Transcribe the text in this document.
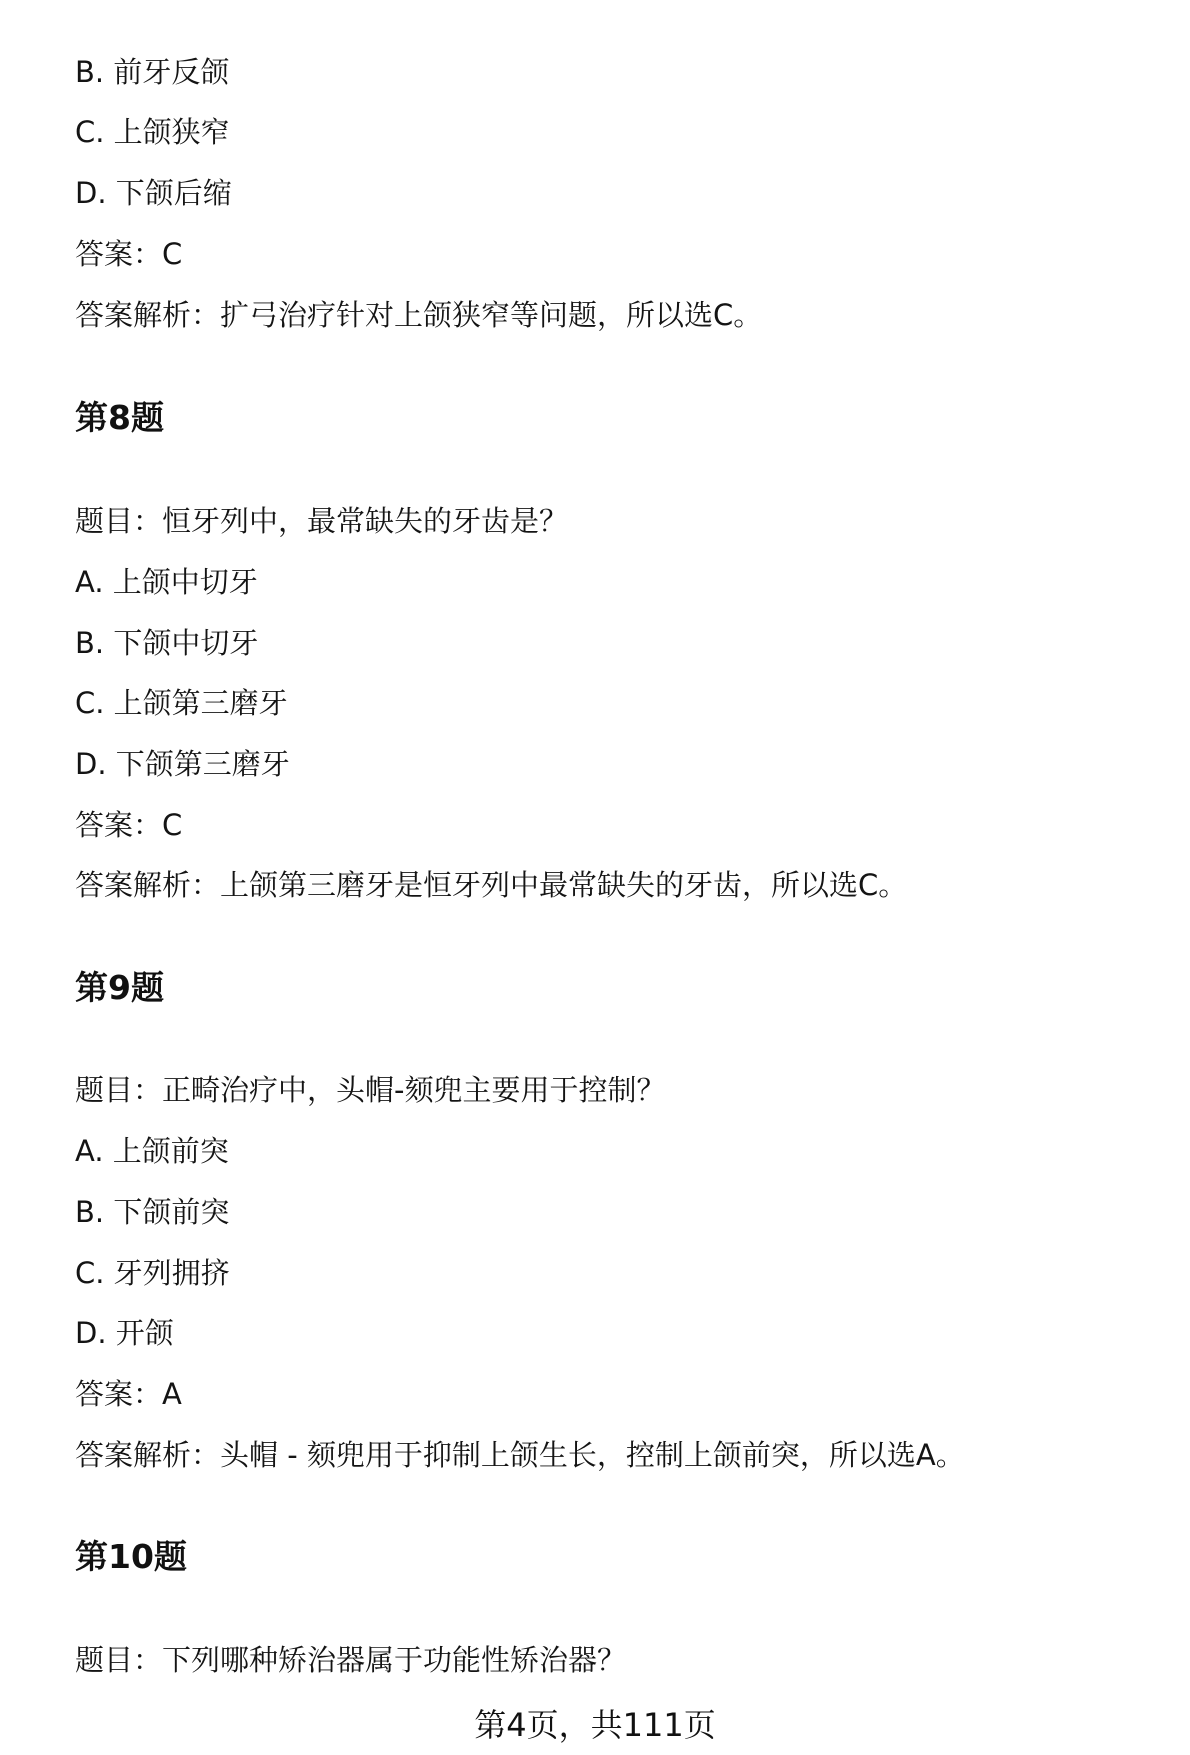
B. 前牙反颌
C. 上颌狭窄
D. 下颌后缩
答案：C
答案解析：扩弓治疗针对上颌狭窄等问题，所以选C。
第8题
题目：恒牙列中，最常缺失的牙齿是？
A. 上颌中切牙
B. 下颌中切牙
C. 上颌第三磨牙
D. 下颌第三磨牙
答案：C
答案解析：上颌第三磨牙是恒牙列中最常缺失的牙齿，所以选C。
第9题
题目：正畸治疗中，头帽-颏兜主要用于控制？
A. 上颌前突
B. 下颌前突
C. 牙列拥挤
D. 开颌
答案：A
答案解析：头帽 - 颏兜用于抑制上颌生长，控制上颌前突，所以选A。
第10题
题目：下列哪种矫治器属于功能性矫治器？
第4页，共111页
